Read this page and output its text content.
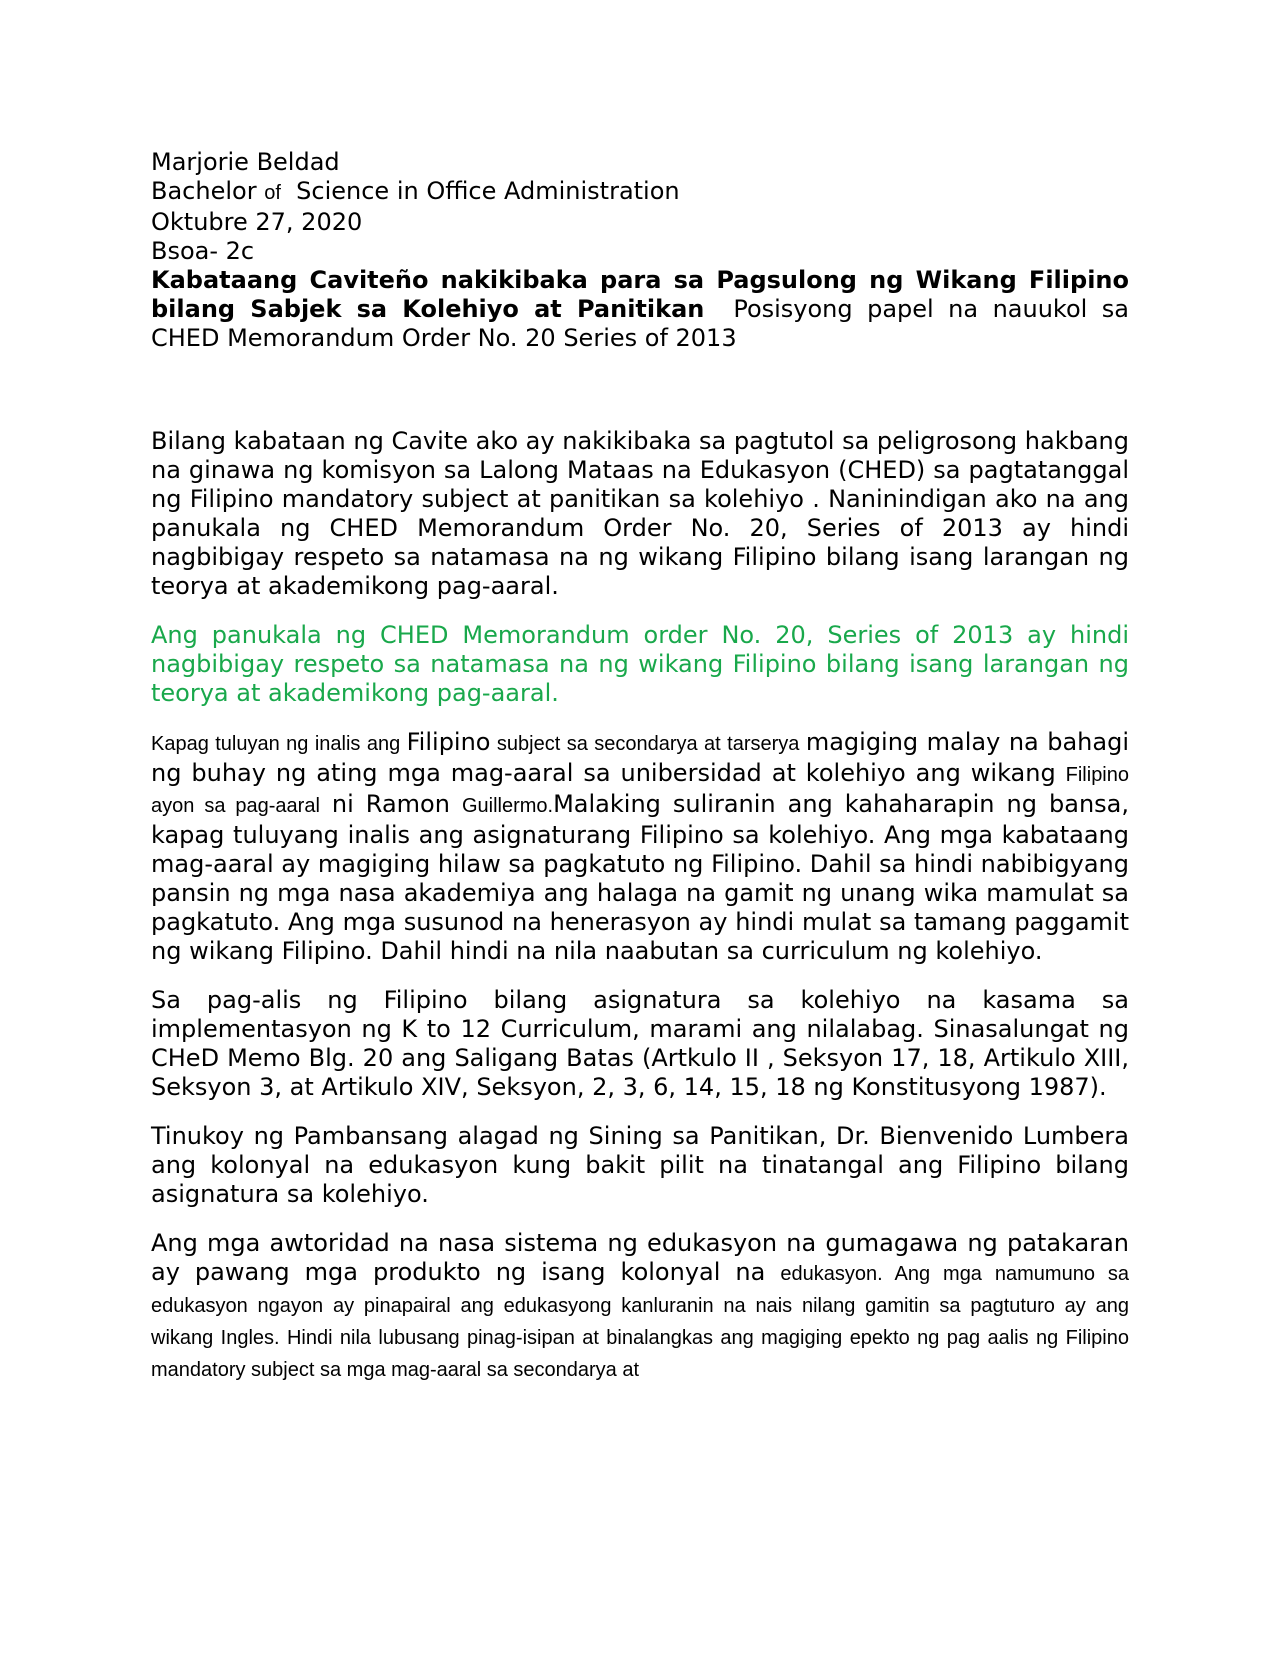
Marjorie Beldad
Bachelor of  Science in Office Administration
Oktubre 27, 2020
Bsoa- 2c

Kabataang Caviteño nakikibaka para sa Pagsulong ng Wikang Filipino bilang Sabjek sa Kolehiyo at Panitikan  Posisyong papel na nauukol sa CHED Memorandum Order No. 20 Series of 2013

Bilang kabataan ng Cavite ako ay nakikibaka sa pagtutol sa peligrosong hakbang na ginawa ng komisyon sa Lalong Mataas na Edukasyon (CHED) sa pagtatanggal ng Filipino mandatory subject at panitikan sa kolehiyo . Naninindigan ako na ang panukala ng CHED Memorandum Order No. 20, Series of 2013 ay hindi nagbibigay respeto sa natamasa na ng wikang Filipino bilang isang larangan ng teorya at akademikong pag-aaral.

Ang panukala ng CHED Memorandum order No. 20, Series of 2013 ay hindi nagbibigay respeto sa natamasa na ng wikang Filipino bilang isang larangan ng teorya at akademikong pag-aaral.

Kapag tuluyan ng inalis ang Filipino subject sa secondarya at tarserya magiging malay na bahagi ng buhay ng ating mga mag-aaral sa unibersidad at kolehiyo ang wikang Filipino ayon sa pag-aaral ni Ramon Guillermo.Malaking suliranin ang kahaharapin ng bansa, kapag tuluyang inalis ang asignaturang Filipino sa kolehiyo. Ang mga kabataang mag-aaral ay magiging hilaw sa pagkatuto ng Filipino. Dahil sa hindi nabibigyang pansin ng mga nasa akademiya ang halaga na gamit ng unang wika mamulat sa pagkatuto. Ang mga susunod na henerasyon ay hindi mulat sa tamang paggamit ng wikang Filipino. Dahil hindi na nila naabutan sa curriculum ng kolehiyo.

Sa pag-alis ng Filipino bilang asignatura sa kolehiyo na kasama sa implementasyon ng K to 12 Curriculum, marami ang nilalabag. Sinasalungat ng CHeD Memo Blg. 20 ang Saligang Batas (Artkulo II , Seksyon 17, 18, Artikulo XIII, Seksyon 3, at Artikulo XIV, Seksyon, 2, 3, 6, 14, 15, 18 ng Konstitusyong 1987).

Tinukoy ng Pambansang alagad ng Sining sa Panitikan, Dr. Bienvenido Lumbera ang kolonyal na edukasyon kung bakit pilit na tinatangal ang Filipino bilang asignatura sa kolehiyo.

Ang mga awtoridad na nasa sistema ng edukasyon na gumagawa ng patakaran ay pawang mga produkto ng isang kolonyal na edukasyon. Ang mga namumuno sa edukasyon ngayon ay pinapairal ang edukasyong kanluranin na nais nilang gamitin sa pagtuturo ay ang wikang Ingles. Hindi nila lubusang pinag-isipan at binalangkas ang magiging epekto ng pag aalis ng Filipino mandatory subject sa mga mag-aaral sa secondarya at
